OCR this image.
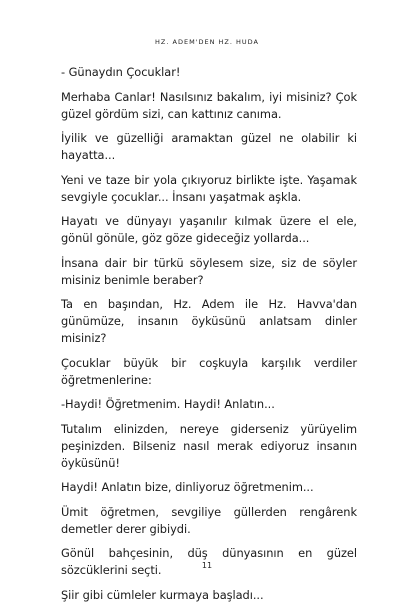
HZ. ADEM'DEN HZ. HUDA

- Günaydın Çocuklar!

Merhaba Canlar! Nasılsınız bakalım, iyi misiniz? Çok güzel gördüm sizi, can kattınız canıma.

İyilik ve güzelliği aramaktan güzel ne olabilir ki hayatta...

Yeni ve taze bir yola çıkıyoruz birlikte işte. Yaşamak sevgiyle çocuklar... İnsanı yaşatmak aşkla.

Hayatı ve dünyayı yaşanılır kılmak üzere el ele, gönül gönüle, göz göze gideceğiz yollarda...

İnsana dair bir türkü söylesem size, siz de söyler misiniz benimle beraber?

Ta en başından, Hz. Adem ile Hz. Havva'dan günümüze, insanın öyküsünü anlatsam dinler misiniz?

Çocuklar büyük bir coşkuyla karşılık verdiler öğretmenlerine:

-Haydi! Öğretmenim. Haydi! Anlatın...

Tutalım elinizden, nereye giderseniz yürüyelim peşinizden. Bilseniz nasıl merak ediyoruz insanın öyküsünü!

Haydi! Anlatın bize, dinliyoruz öğretmenim...

Ümit öğretmen, sevgiliye güllerden rengârenk demetler derer gibiydi.

Gönül bahçesinin, düş dünyasının en güzel sözcüklerini seçti.

Şiir gibi cümleler kurmaya başladı...

11
